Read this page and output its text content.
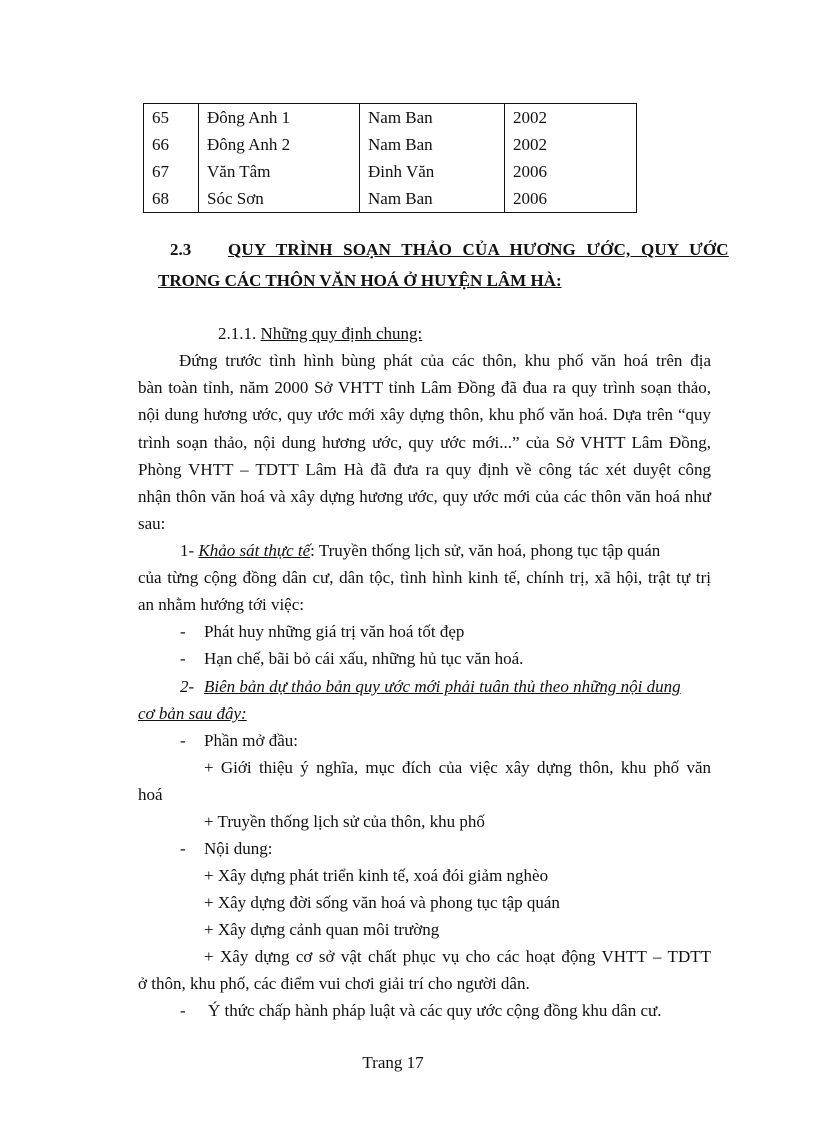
65	Đông Anh 1	Nam Ban	2002
66	Đông Anh 2	Nam Ban	2002
67	Văn Tâm	Đinh Văn	2006
68	Sóc Sơn	Nam Ban	2006
2.3 QUY TRÌNH SOẠN THẢO CỦA HƯƠNG ƯỚC, QUY ƯỚC
TRONG CÁC THÔN VĂN HOÁ Ở HUYỆN LÂM HÀ:
2.1.1. Những quy định chung:
Đứng trước tình hình bùng phát của các thôn, khu phố văn hoá trên địa
bàn toàn tỉnh, năm 2000 Sở VHTT tỉnh Lâm Đồng đã đua ra quy trình soạn thảo,
nội dung hương ước, quy ước mới xây dựng thôn, khu phố văn hoá. Dựa trên “quy
trình soạn thảo, nội dung hương ước, quy ước mới...” của Sở VHTT Lâm Đồng,
Phòng VHTT – TDTT Lâm Hà đã đưa ra quy định về công tác xét duyệt công
nhận thôn văn hoá và xây dựng hương ước, quy ước mới của các thôn văn hoá như
sau:
1- Khảo sát thực tế: Truyền thống lịch sử, văn hoá, phong tục tập quán
của từng cộng đồng dân cư, dân tộc, tình hình kinh tế, chính trị, xã hội, trật tự trị
an nhằm hướng tới việc:
- Phát huy những giá trị văn hoá tốt đẹp
- Hạn chế, bãi bỏ cái xấu, những hủ tục văn hoá.
2- Biên bản dự thảo bản quy ước mới phải tuân thủ theo những nội dung
cơ bản sau đây:
- Phần mở đầu:
+ Giới thiệu ý nghĩa, mục đích của việc xây dựng thôn, khu phố văn
hoá
+ Truyền thống lịch sử của thôn, khu phố
- Nội dung:
+ Xây dựng phát triển kinh tế, xoá đói giảm nghèo
+ Xây dựng đời sống văn hoá và phong tục tập quán
+ Xây dựng cảnh quan môi trường
+ Xây dựng cơ sở vật chất phục vụ cho các hoạt động VHTT – TDTT
ở thôn, khu phố, các điểm vui chơi giải trí cho người dân.
- Ý thức chấp hành pháp luật và các quy ước cộng đồng khu dân cư.
Trang 17
